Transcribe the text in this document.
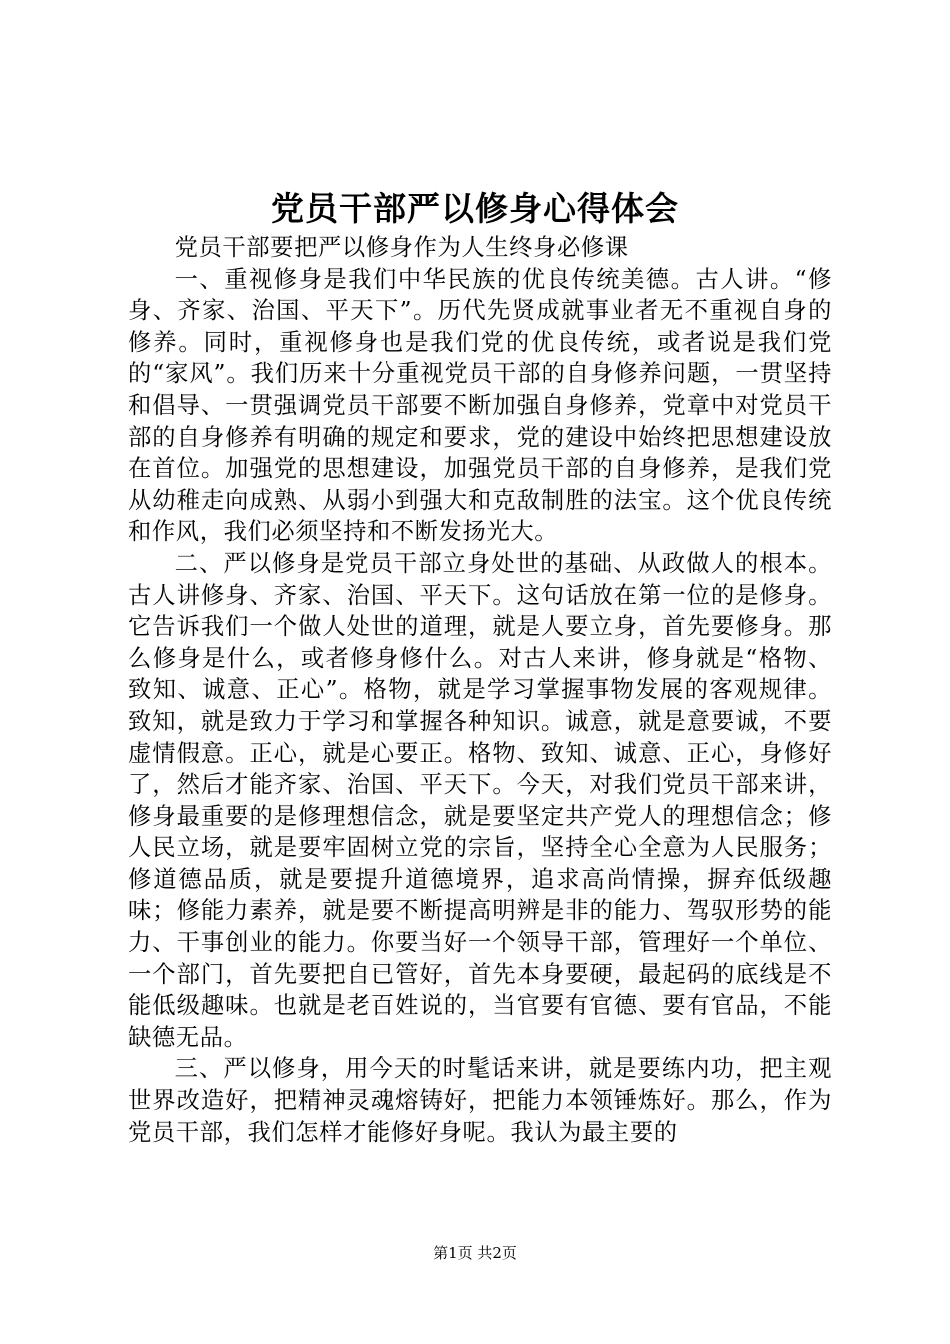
党员干部严以修身心得体会

党员干部要把严以修身作为人生终身必修课

一、重视修身是我们中华民族的优良传统美德。古人讲。“修身、齐家、治国、平天下”。历代先贤成就事业者无不重视自身的修养。同时，重视修身也是我们党的优良传统，或者说是我们党的“家风”。我们历来十分重视党员干部的自身修养问题，一贯坚持和倡导、一贯强调党员干部要不断加强自身修养，党章中对党员干部的自身修养有明确的规定和要求，党的建设中始终把思想建设放在首位。加强党的思想建设，加强党员干部的自身修养，是我们党从幼稚走向成熟、从弱小到强大和克敌制胜的法宝。这个优良传统和作风，我们必须坚持和不断发扬光大。

二、严以修身是党员干部立身处世的基础、从政做人的根本。古人讲修身、齐家、治国、平天下。这句话放在第一位的是修身。它告诉我们一个做人处世的道理，就是人要立身，首先要修身。那么修身是什么，或者修身修什么。对古人来讲，修身就是“格物、致知、诚意、正心”。格物，就是学习掌握事物发展的客观规律。致知，就是致力于学习和掌握各种知识。诚意，就是意要诚，不要虚情假意。正心，就是心要正。格物、致知、诚意、正心，身修好了，然后才能齐家、治国、平天下。今天，对我们党员干部来讲，修身最重要的是修理想信念，就是要坚定共产党人的理想信念；修人民立场，就是要牢固树立党的宗旨，坚持全心全意为人民服务；修道德品质，就是要提升道德境界，追求高尚情操，摒弃低级趣味；修能力素养，就是要不断提高明辨是非的能力、驾驭形势的能力、干事创业的能力。你要当好一个领导干部，管理好一个单位、一个部门，首先要把自已管好，首先本身要硬，最起码的底线是不能低级趣味。也就是老百姓说的，当官要有官德、要有官品，不能缺德无品。

三、严以修身，用今天的时髦话来讲，就是要练内功，把主观世界改造好，把精神灵魂熔铸好，把能力本领锤炼好。那么，作为党员干部，我们怎样才能修好身呢。我认为最主要的

第1页 共2页
